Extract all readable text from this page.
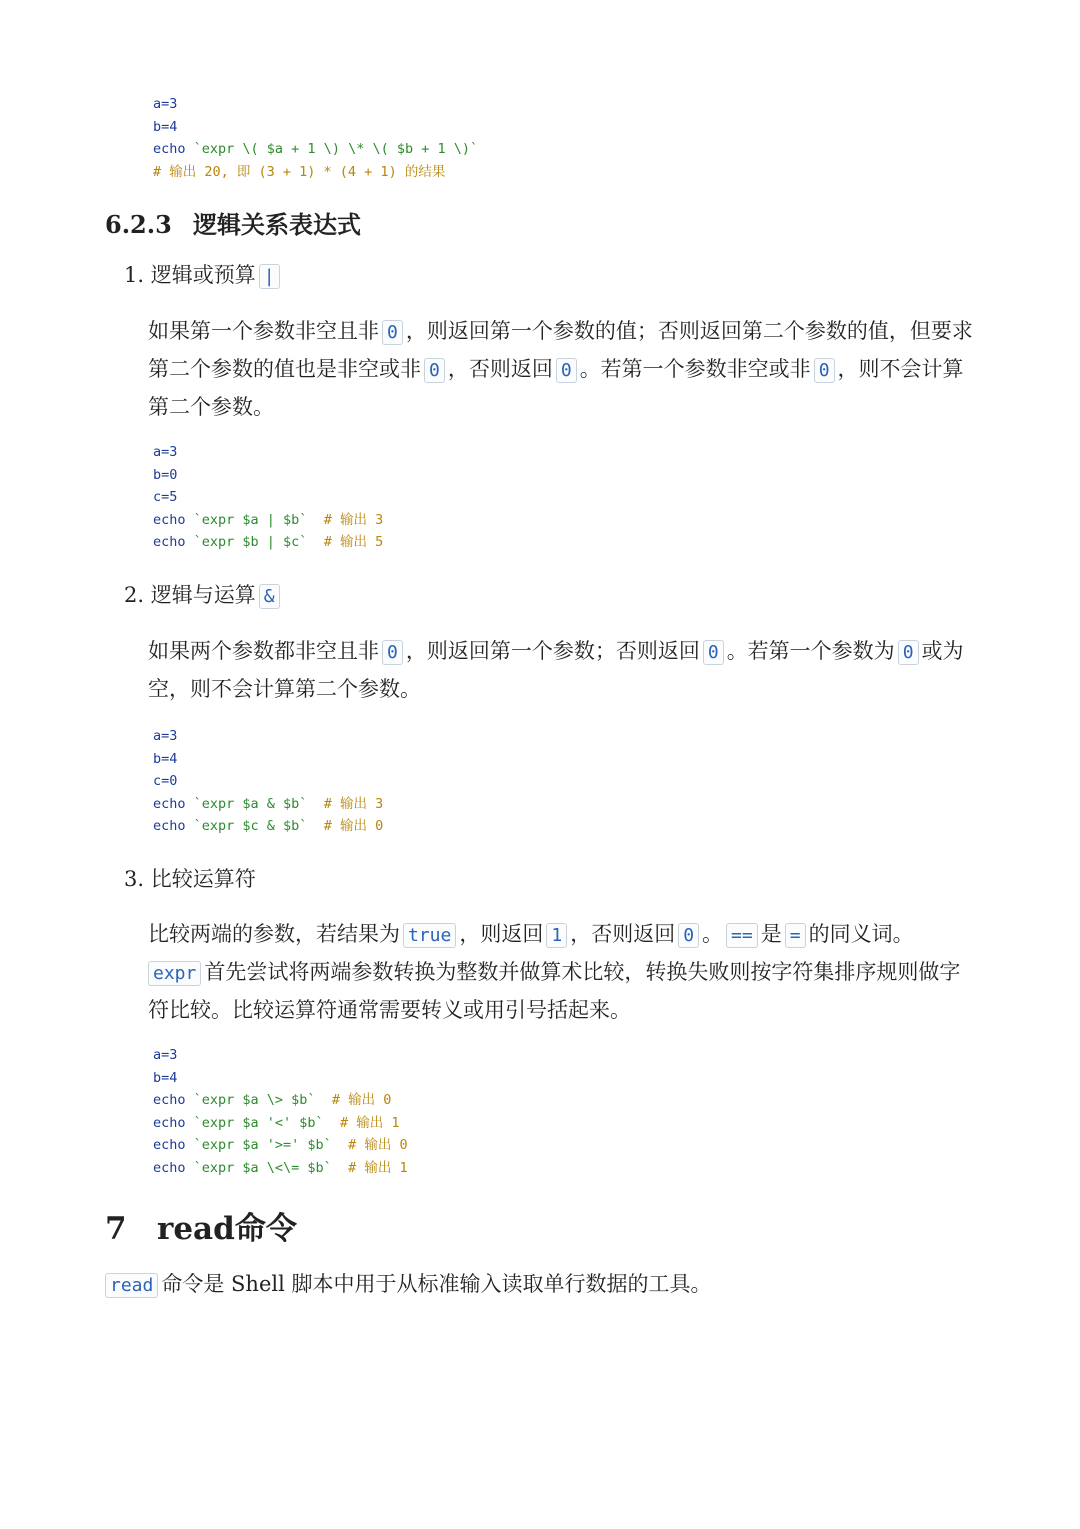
a=3
b=4
echo `expr \( $a + 1 \) \* \( $b + 1 \)`
# 输出 20, 即 (3 + 1) * (4 + 1) 的结果
6.2.3 逻辑关系表达式
1. 逻辑或预算 |
如果第一个参数非空且非 0 ，则返回第一个参数的值；否则返回第二个参数的值，但要求第二个参数的值也是非空或非 0 ，否则返回 0 。若第一个参数非空或非 0 ，则不会计算第二个参数。
a=3
b=0
c=5
echo `expr $a | $b`  # 输出 3
echo `expr $b | $c`  # 输出 5
2. 逻辑与运算 &
如果两个参数都非空且非 0 ，则返回第一个参数；否则返回 0 。若第一个参数为 0 或为空，则不会计算第二个参数。
a=3
b=4
c=0
echo `expr $a & $b`  # 输出 3
echo `expr $c & $b`  # 输出 0
3. 比较运算符
比较两端的参数，若结果为 true ，则返回 1 ，否则返回 0 。 == 是 = 的同义词。
expr 首先尝试将两端参数转换为整数并做算术比较，转换失败则按字符集排序规则做字符比较。比较运算符通常需要转义或用引号括起来。
a=3
b=4
echo `expr $a \> $b`  # 输出 0
echo `expr $a '<' $b`  # 输出 1
echo `expr $a '>=' $b`  # 输出 0
echo `expr $a \<\= $b`  # 输出 1
7 read命令
read 命令是 Shell 脚本中用于从标准输入读取单行数据的工具。
